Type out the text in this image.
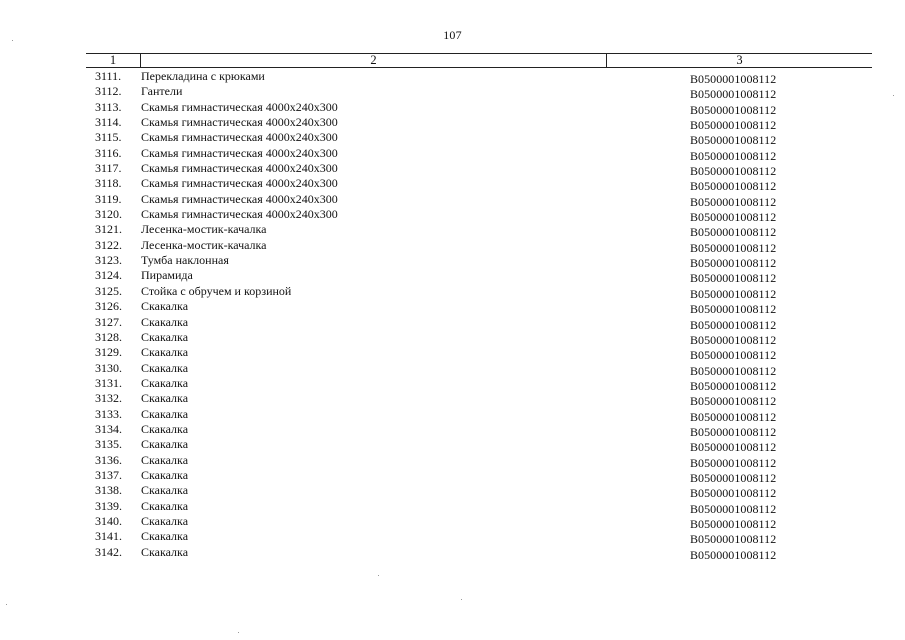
107
1	2	3
3111. Перекладина с крюками	В0500001008112
3112. Гантели	В0500001008112
3113. Скамья гимнастическая 4000х240х300	В0500001008112
3114. Скамья гимнастическая 4000х240х300	В0500001008112
3115. Скамья гимнастическая 4000х240х300	В0500001008112
3116. Скамья гимнастическая 4000х240х300	В0500001008112
3117. Скамья гимнастическая 4000х240х300	В0500001008112
3118. Скамья гимнастическая 4000х240х300	В0500001008112
3119. Скамья гимнастическая 4000х240х300	В0500001008112
3120. Скамья гимнастическая 4000х240х300	В0500001008112
3121. Лесенка-мостик-качалка	В0500001008112
3122. Лесенка-мостик-качалка	В0500001008112
3123. Тумба наклонная	В0500001008112
3124. Пирамида	В0500001008112
3125. Стойка с обручем и корзиной	В0500001008112
3126. Скакалка	В0500001008112
3127. Скакалка	В0500001008112
3128. Скакалка	В0500001008112
3129. Скакалка	В0500001008112
3130. Скакалка	В0500001008112
3131. Скакалка	В0500001008112
3132. Скакалка	В0500001008112
3133. Скакалка	В0500001008112
3134. Скакалка	В0500001008112
3135. Скакалка	В0500001008112
3136. Скакалка	В0500001008112
3137. Скакалка	В0500001008112
3138. Скакалка	В0500001008112
3139. Скакалка	В0500001008112
3140. Скакалка	В0500001008112
3141. Скакалка	В0500001008112
3142. Скакалка	В0500001008112
